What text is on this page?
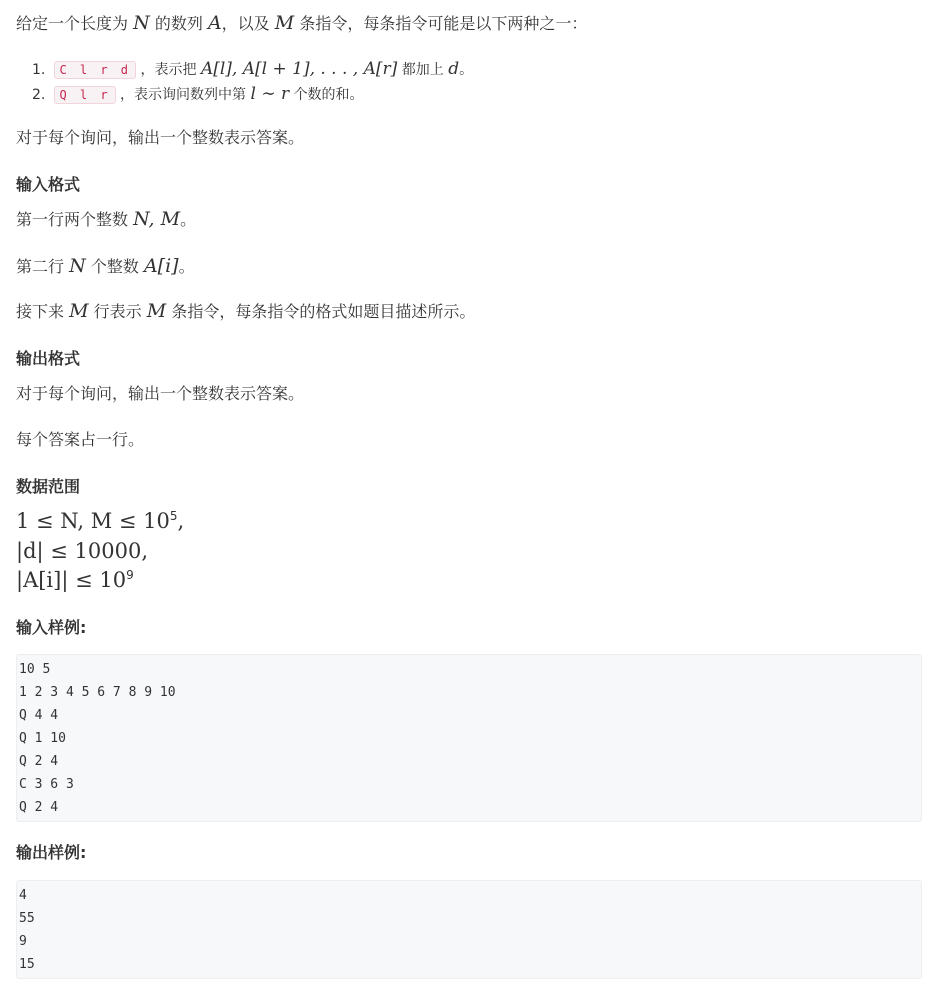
给定一个长度为 N 的数列 A，以及 M 条指令，每条指令可能是以下两种之一：

1. C l r d ，表示把 A[l], A[l + 1], . . . , A[r] 都加上 d。
2. Q l r ，表示询问数列中第 l ∼ r 个数的和。

对于每个询问，输出一个整数表示答案。

输入格式

第一行两个整数 N, M。

第二行 N 个整数 A[i]。

接下来 M 行表示 M 条指令，每条指令的格式如题目描述所示。

输出格式

对于每个询问，输出一个整数表示答案。

每个答案占一行。

数据范围
1 ≤ N, $M \le 10^5$,
|d| ≤ 10000,
$|A[i]| \le 10^9$
输入样例:
10 5
1 2 3 4 5 6 7 8 9 10
Q 4 4
Q 1 10
Q 2 4
C 3 6 3
Q 2 4
输出样例:
4
55
9
15
